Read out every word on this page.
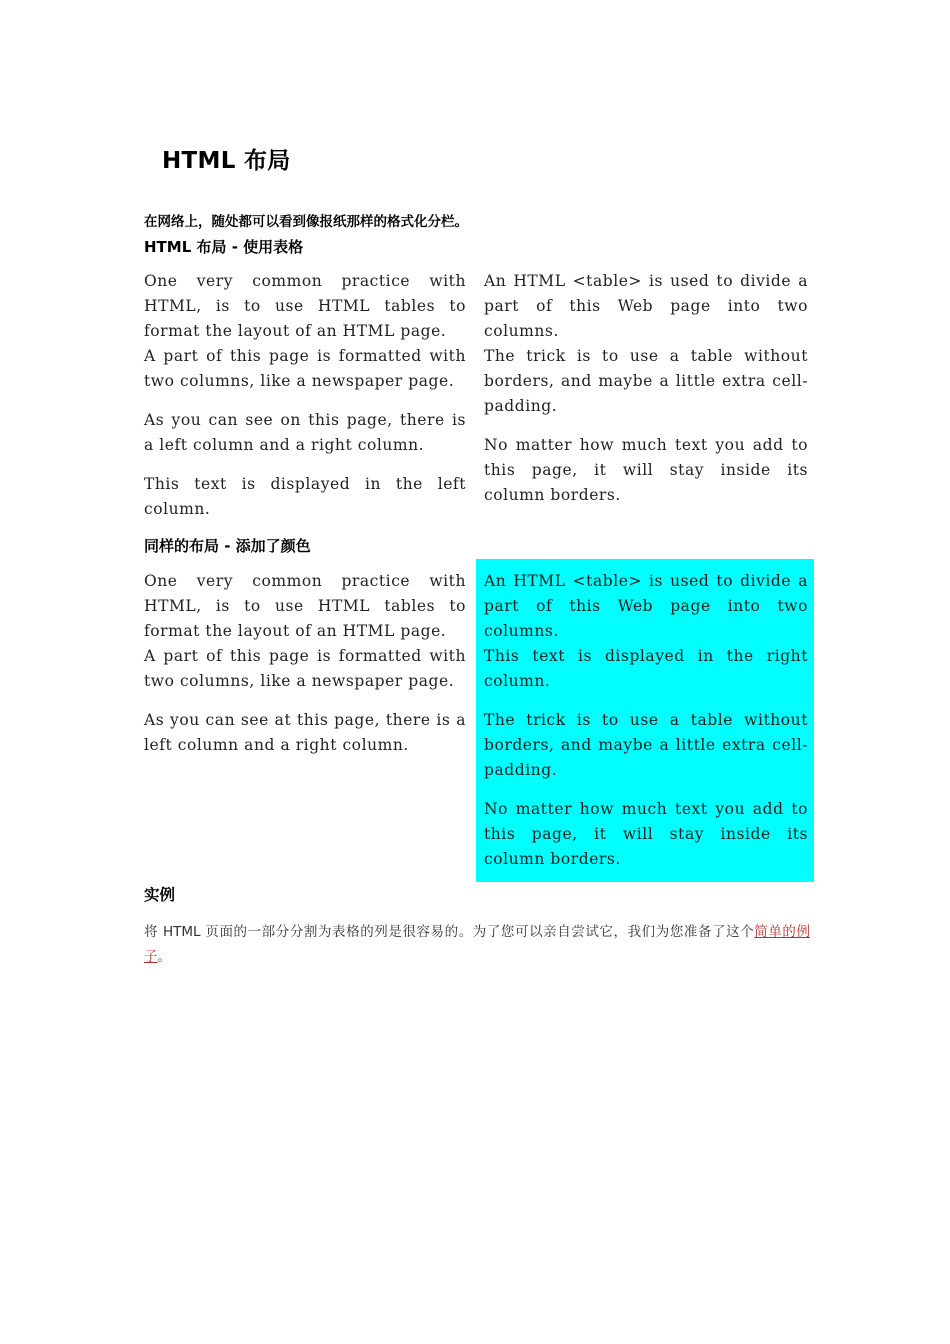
HTML 布局

在网络上，随处都可以看到像报纸那样的格式化分栏。

HTML 布局 - 使用表格

One very common practice with HTML, is to use HTML tables to format the layout of an HTML page.
A part of this page is formatted with two columns, like a newspaper page.

As you can see on this page, there is a left column and a right column.

This text is displayed in the left column.

An HTML <table> is used to divide a part of this Web page into two columns.
The trick is to use a table without borders, and maybe a little extra cell-padding.

No matter how much text you add to this page, it will stay inside its column borders.

同样的布局 - 添加了颜色

One very common practice with HTML, is to use HTML tables to format the layout of an HTML page.
A part of this page is formatted with two columns, like a newspaper page.

As you can see at this page, there is a left column and a right column.

An HTML <table> is used to divide a part of this Web page into two columns.
This text is displayed in the right column.

The trick is to use a table without borders, and maybe a little extra cell-padding.

No matter how much text you add to this page, it will stay inside its column borders.

实例

将 HTML 页面的一部分分割为表格的列是很容易的。为了您可以亲自尝试它，我们为您准备了这个简单的例子。
